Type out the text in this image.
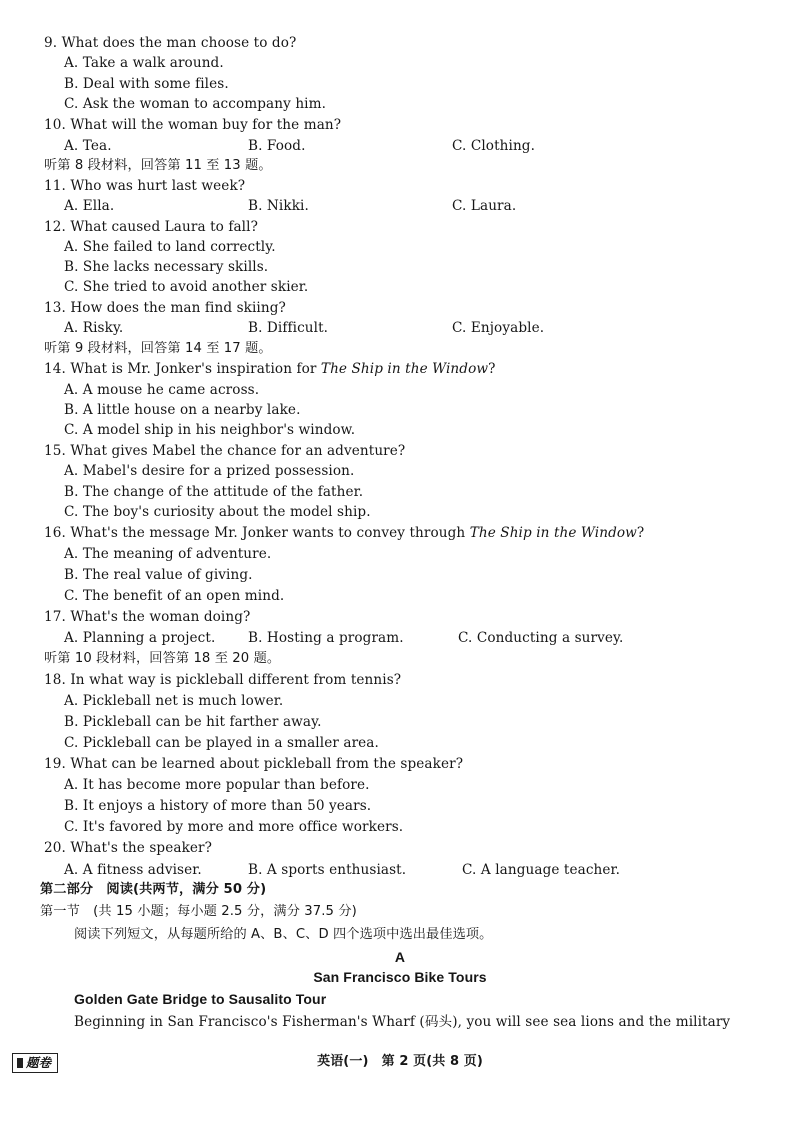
9. What does the man choose to do?
A. Take a walk around.
B. Deal with some files.
C. Ask the woman to accompany him.
10. What will the woman buy for the man?
A. Tea.	B. Food.	C. Clothing.
听第 8 段材料，回答第 11 至 13 题。
11. Who was hurt last week?
A. Ella.	B. Nikki.	C. Laura.
12. What caused Laura to fall?
A. She failed to land correctly.
B. She lacks necessary skills.
C. She tried to avoid another skier.
13. How does the man find skiing?
A. Risky.	B. Difficult.	C. Enjoyable.
听第 9 段材料，回答第 14 至 17 题。
14. What is Mr. Jonker's inspiration for The Ship in the Window?
A. A mouse he came across.
B. A little house on a nearby lake.
C. A model ship in his neighbor's window.
15. What gives Mabel the chance for an adventure?
A. Mabel's desire for a prized possession.
B. The change of the attitude of the father.
C. The boy's curiosity about the model ship.
16. What's the message Mr. Jonker wants to convey through The Ship in the Window?
A. The meaning of adventure.
B. The real value of giving.
C. The benefit of an open mind.
17. What's the woman doing?
A. Planning a project. B. Hosting a program.	C. Conducting a survey.
听第 10 段材料，回答第 18 至 20 题。
18. In what way is pickleball different from tennis?
A. Pickleball net is much lower.
B. Pickleball can be hit farther away.
C. Pickleball can be played in a smaller area.
19. What can be learned about pickleball from the speaker?
A. It has become more popular than before.
B. It enjoys a history of more than 50 years.
C. It's favored by more and more office workers.
20. What's the speaker?
A. A fitness adviser.	B. A sports enthusiast.	C. A language teacher.
第二部分　阅读(共两节，满分 50 分)
第一节　(共 15 小题；每小题 2.5 分，满分 37.5 分)
阅读下列短文，从每题所给的 A、B、C、D 四个选项中选出最佳选项。
A
San Francisco Bike Tours
Golden Gate Bridge to Sausalito Tour
Beginning in San Francisco's Fisherman's Wharf (码头), you will see sea lions and the military
题卷	英语(一)　第 2 页(共 8 页)
